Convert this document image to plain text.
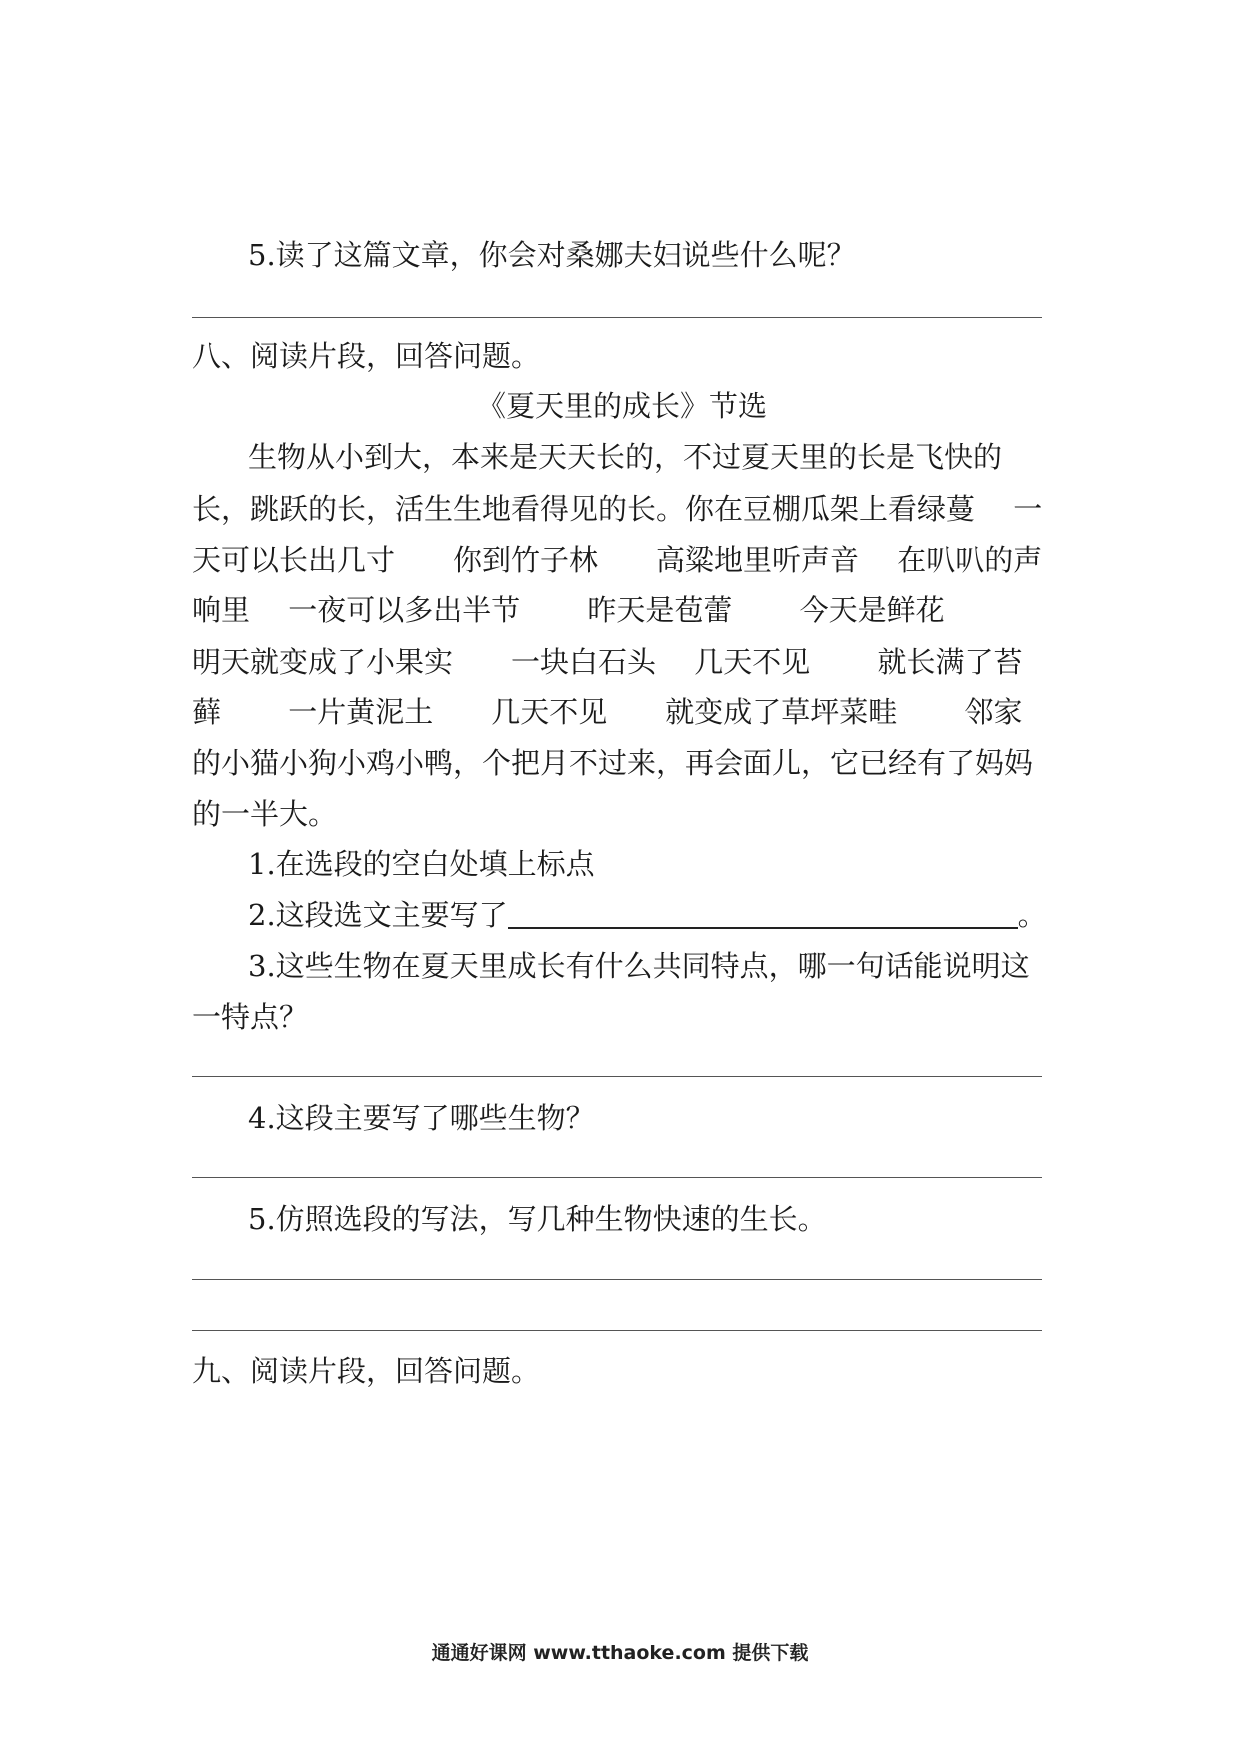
5.读了这篇文章，你会对桑娜夫妇说些什么呢？

八、阅读片段，回答问题。

《夏天里的成长》节选

生物从小到大，本来是天天长的，不过夏天里的长是飞快的

长，跳跃的长，活生生地看得见的长。你在豆棚瓜架上看绿蔓　 一

天可以长出几寸　　你到竹子林　　高粱地里听声音　 在叭叭的声

响里　 一夜可以多出半节　　 昨天是苞蕾　　 今天是鲜花

明天就变成了小果实　　一块白石头　 几天不见　　 就长满了苔

藓　　 一片黄泥土　　几天不见　　就变成了草坪菜畦　　 邻家

的小猫小狗小鸡小鸭，个把月不过来，再会面儿，它已经有了妈妈

的一半大。

1.在选段的空白处填上标点

2.这段选文主要写了	。

3.这些生物在夏天里成长有什么共同特点，哪一句话能说明这

一特点？

4.这段主要写了哪些生物？

5.仿照选段的写法，写几种生物快速的生长。

九、阅读片段，回答问题。

通通好课网 www.tthaoke.com 提供下载
